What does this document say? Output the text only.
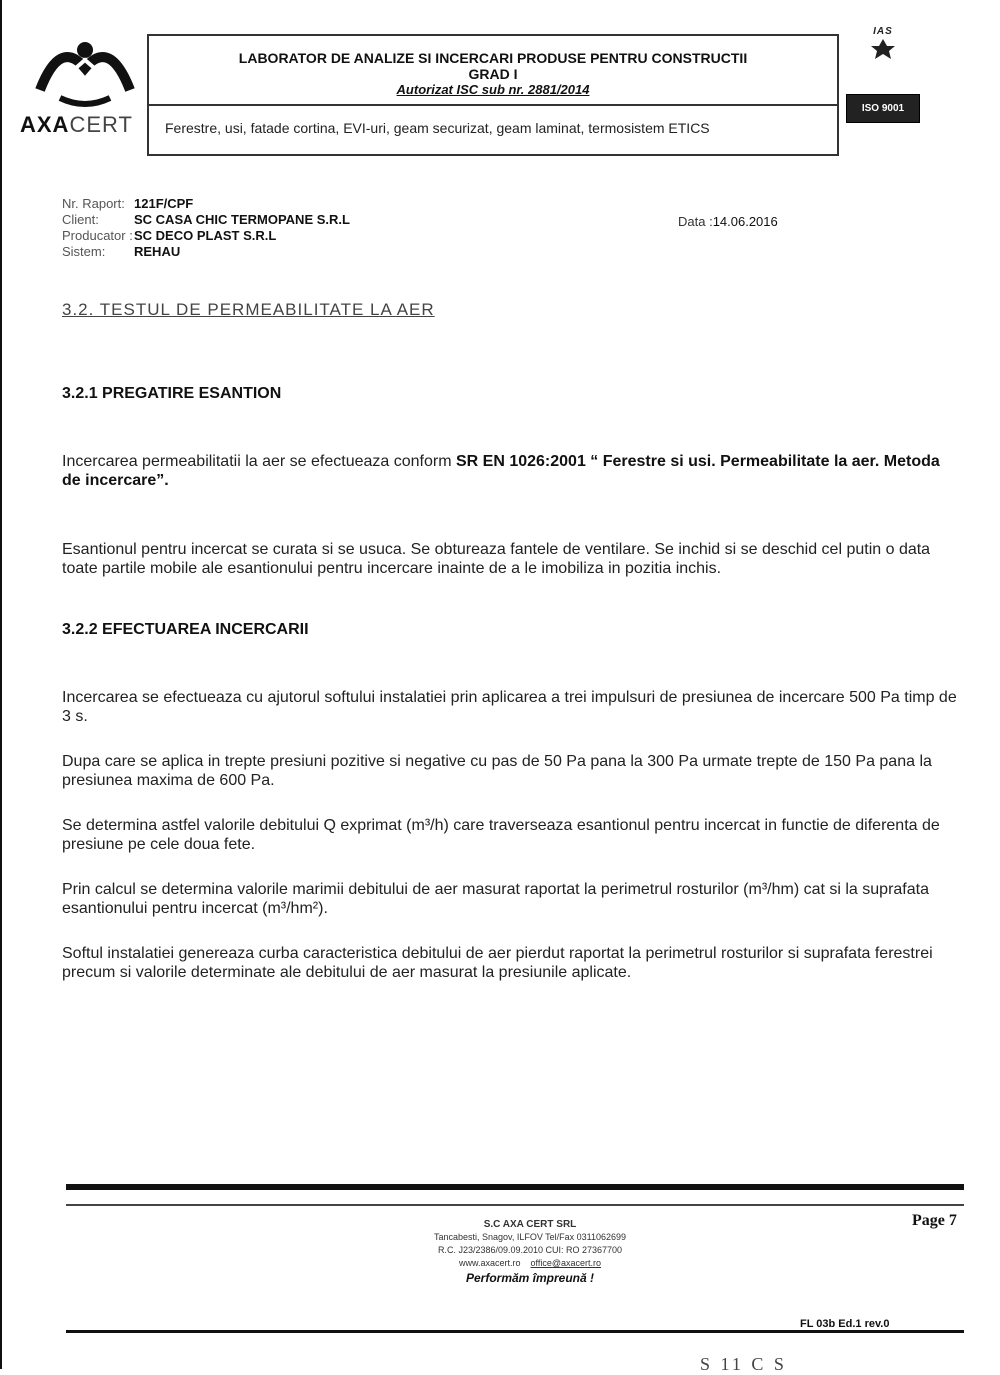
AXACERT
LABORATOR DE ANALIZE SI INCERCARI PRODUSE PENTRU CONSTRUCTII
GRAD I
Autorizat ISC sub nr. 2881/2014
Ferestre, usi, fatade cortina, EVI-uri, geam securizat, geam laminat, termosistem ETICS
IAS
ISO 9001
Nr. Raport: 121F/CPF
Client:	SC CASA CHIC TERMOPANE S.R.L
Producator :SC DECO PLAST S.R.L
Sistem: REHAU
Data :14.06.2016
3.2. TESTUL DE PERMEABILITATE LA AER
3.2.1 PREGATIRE ESANTION

Incercarea permeabilitatii la aer se efectueaza conform SR EN 1026:2001 “ Ferestre si usi. Permeabilitate la aer. Metoda de incercare”.

Esantionul pentru incercat se curata si se usuca. Se obtureaza fantele de ventilare. Se inchid si se deschid cel putin o data toate partile mobile ale esantionului pentru incercare inainte de a le imobiliza in pozitia inchis.

3.2.2 EFECTUAREA INCERCARII

Incercarea se efectueaza cu ajutorul softului instalatiei prin aplicarea a trei impulsuri de presiunea de incercare 500 Pa timp de 3 s.

Dupa care se aplica in trepte presiuni pozitive si negative cu pas de 50 Pa pana la 300 Pa urmate trepte de 150 Pa pana la presiunea maxima de 600 Pa.

Se determina astfel valorile debitului Q exprimat (m³/h) care traverseaza esantionul pentru incercat in functie de diferenta de presiune pe cele doua fete.

Prin calcul se determina valorile marimii debitului de aer masurat raportat la perimetrul rosturilor (m³/hm) cat si la suprafata esantionului pentru incercat (m³/hm²).

Softul instalatiei genereaza curba caracteristica debitului de aer pierdut raportat la perimetrul rosturilor si suprafata ferestrei precum si valorile determinate ale debitului de aer masurat la presiunile aplicate.

S.C AXA CERT SRL
Tancabesti, Snagov, ILFOV Tel/Fax 0311062699
R.C. J23/2386/09.09.2010 CUI: RO 27367700
www.axacert.ro office@axacert.ro
Performăm împreună !
Page 7
FL 03b Ed.1 rev.0
S 11 C S
